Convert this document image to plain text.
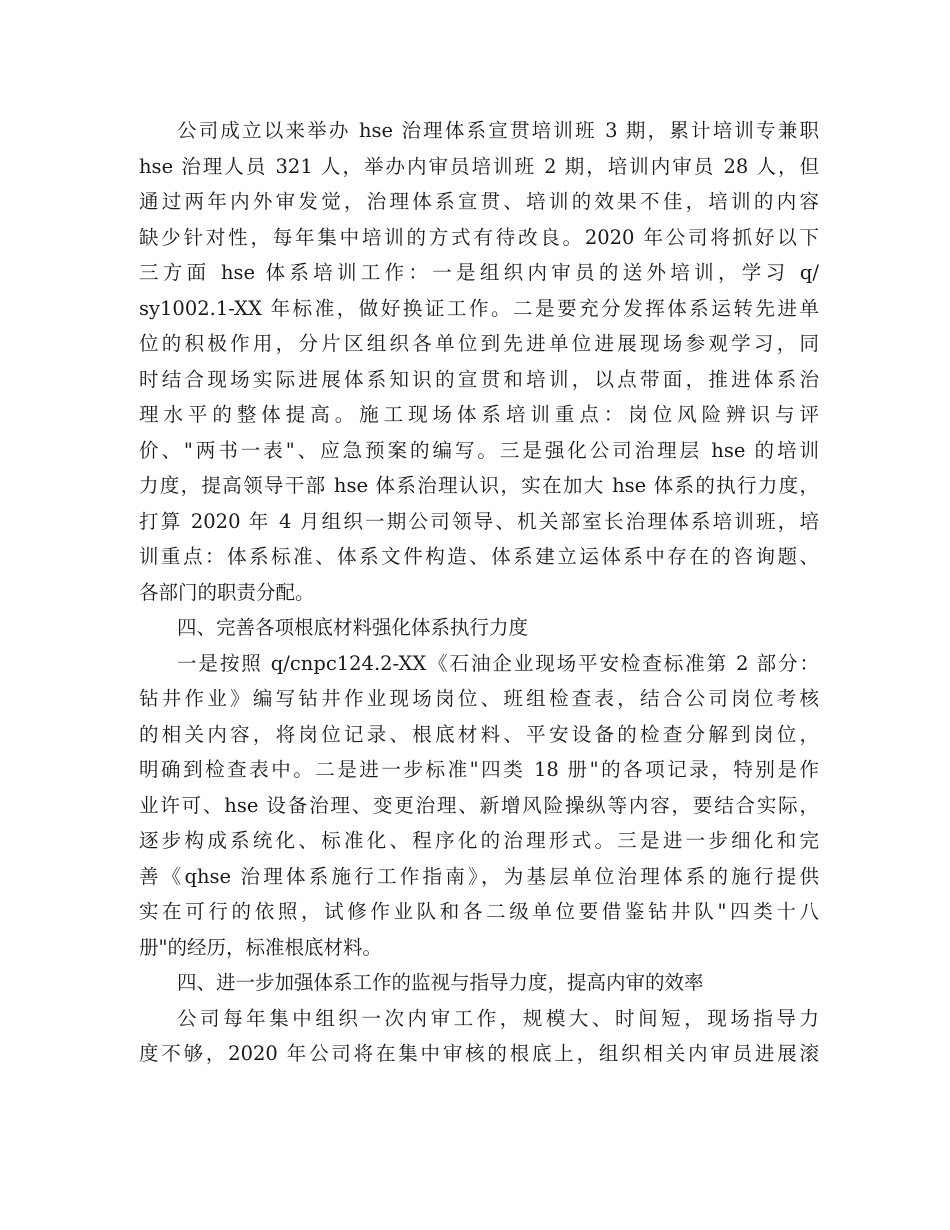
公司成立以来举办 hse 治理体系宣贯培训班 3 期，累计培训专兼职
hse 治理人员 321 人，举办内审员培训班 2 期，培训内审员 28 人，但
通过两年内外审发觉，治理体系宣贯、培训的效果不佳，培训的内容
缺少针对性，每年集中培训的方式有待改良。2020 年公司将抓好以下
三方面 hse 体系培训工作：一是组织内审员的送外培训，学习 q/
sy1002.1-XX 年标准，做好换证工作。二是要充分发挥体系运转先进单
位的积极作用，分片区组织各单位到先进单位进展现场参观学习，同
时结合现场实际进展体系知识的宣贯和培训，以点带面，推进体系治
理水平的整体提高。施工现场体系培训重点：岗位风险辨识与评
价、"两书一表"、应急预案的编写。三是强化公司治理层 hse 的培训
力度，提高领导干部 hse 体系治理认识，实在加大 hse 体系的执行力度，
打算 2020 年 4 月组织一期公司领导、机关部室长治理体系培训班，培
训重点：体系标准、体系文件构造、体系建立运体系中存在的咨询题、
各部门的职责分配。
四、完善各项根底材料强化体系执行力度
一是按照 q/cnpc124.2-XX《石油企业现场平安检查标准第 2 部分：
钻井作业》编写钻井作业现场岗位、班组检查表，结合公司岗位考核
的相关内容，将岗位记录、根底材料、平安设备的检查分解到岗位，
明确到检查表中。二是进一步标准"四类 18 册"的各项记录，特别是作
业许可、hse 设备治理、变更治理、新增风险操纵等内容，要结合实际，
逐步构成系统化、标准化、程序化的治理形式。三是进一步细化和完
善《qhse 治理体系施行工作指南》，为基层单位治理体系的施行提供
实在可行的依照，试修作业队和各二级单位要借鉴钻井队"四类十八
册"的经历，标准根底材料。
四、进一步加强体系工作的监视与指导力度，提高内审的效率
公司每年集中组织一次内审工作，规模大、时间短，现场指导力
度不够，2020 年公司将在集中审核的根底上，组织相关内审员进展滚
